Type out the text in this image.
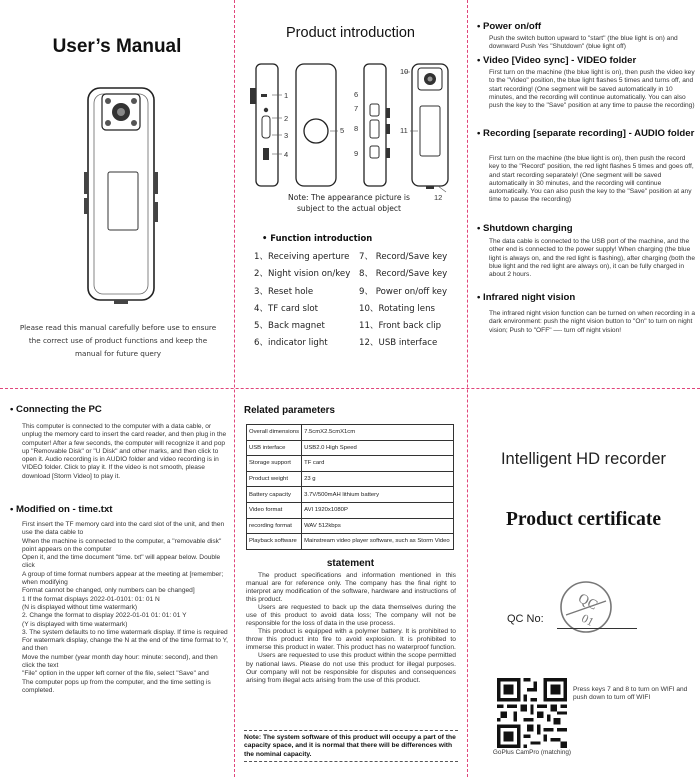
User’s Manual
Please read this manual carefully before use to ensure the correct use of product functions and keep the manual for future query
Product introduction
1
2
3
4
5
6
7
8
9
10
11
12
Note: The appearance picture is subject to the actual object
• Function introduction
1、Receiving aperture
2、Night vision on/key
3、Reset hole
4、TF card slot
5、Back magnet
6、indicator light
7、 Record/Save key
8、 Record/Save key
9、 Power on/off key
10、Rotating lens
11、Front back clip
12、USB interface
• Power on/off
Push the switch button upward to "start" (the blue light is on) and downward Push Yes "Shutdown" (blue light off)
• Video [Video sync] - VIDEO folder
First turn on the machine (the blue light is on), then push the video key to the "Video" position, the blue light flashes 5 times and turns off, and start recording! (One segment will be saved automatically in 10 minutes, and the recording will continue automatically. You can also push the key to the "Save" position at any time to pause the recording)
• Recording [separate recording] - AUDIO folder
First turn on the machine (the blue light is on), then push the record key to the "Record" position, the red light flashes 5 times and goes off, and start recording separately! (One segment will be saved automatically in 30 minutes, and the recording will continue automatically. You can also push the key to the "Save" position at any time to pause the recording)
• Shutdown charging
The data cable is connected to the USB port of the machine, and the other end is connected to the power supply! When charging (the blue light is always on, and the red light is flashing), after charging (both the blue light and the red light are always on), it can be fully charged in about 2 hours.
• Infrared night vision
The infrared night vision function can be turned on when recording in a dark environment: push the night vision button to "On" to turn on night vision; Push to "OFF" —- turn off night vision!
• Connecting the PC
This computer is connected to the computer with a data cable, or unplug the memory card to insert the card reader, and then plug in the computer! After a few seconds, the computer will recognize it and pop up "Removable Disk" or "U Disk" and other marks, and then click to open it. Audio recording is in AUDIO folder and video recording is in VIDEO folder. Click to play it. If the video is not smooth, please download [Storm Video] to play it.
• Modified on - time.txt
First insert the TF memory card into the card slot of the unit, and then use the data cable to
When the machine is connected to the computer, a "removable disk" point appears on the computer
Open it, and the time document "time. txt" will appear below. Double click
A group of time format numbers appear at the meeting at [remember; when modifying
Format cannot be changed, only numbers can be changed]
1 If the format displays 2022-01-0101: 01: 01 N
(N is displayed without time watermark)
2. Change the format to display 2022-01-01 01: 01: 01 Y
(Y is displayed with time watermark)
3. The system defaults to no time watermark display. If time is required
For watermark display, change the N at the end of the time format to Y, and then
Move the number (year month day hour: minute: second), and then click the text
"File" option in the upper left corner of the file, select "Save" and
The computer pops up from the computer, and the time setting is completed.
Related parameters
Overall dimensions	7.5cmX2.5cmX1cm
USB interface	USB2.0 High Speed
Storage support	TF card
Product weight	23 g
Battery capacity	3.7V/500mAH lithium battery
Video format	AVI 1920x1080P
recording format	WAV 512kbps
Playback software	Mainstream video player software, such as Storm Video
statement

The product specifications and information mentioned in this manual are for reference only. The company has the final right to interpret any modification of the software, hardware and instructions of this product.

Users are requested to back up the data themselves during the use of this product to avoid data loss; The company will not be responsible for the loss of data in the use process.

This product is equipped with a polymer battery. It is prohibited to throw this product into fire to avoid explosion. It is prohibited to immerse this product in water. This product has no waterproof function.

Users are requested to use this product within the scope permitted by national laws. Please do not use this product for illegal purposes. Our company will not be responsible for disputes and consequences arising from illegal acts arising from the use of this product.

Note: The system software of this product will occupy a part of the capacity space, and it is normal that there will be differences with the nominal capacity.
Intelligent HD recorder
Product certificate
QC
01
QC No:
GoPlus CamPro (matching)
Press keys 7 and 8 to turn on WIFI and push down to turn off WIFI
